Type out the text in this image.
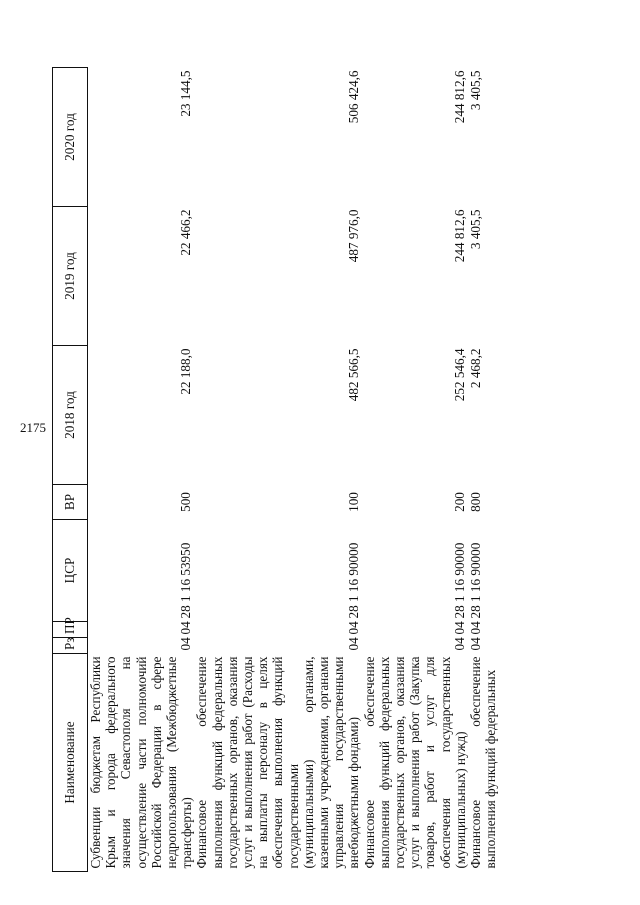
2175
Наименование	Рз	ПР	ЦСР	ВР	2018 год	2019 год	2020 год
Субвенции бюджетам Республики Крым и города федерального значения Севастополя на осуществление части полномочий Российской Федерации в сфере недропользования (Межбюджетные трансферты)	04	04	28 1 16 53950	500	22 188,0	22 466,2	23 144,5
Финансовое обеспечение выполнения функций федеральных государственных органов, оказания услуг и выполнения работ (Расходы на выплаты персоналу в целях обеспечения выполнения функций государственными (муниципальными) органами, казенными учреждениями, органами управления государственными внебюджетными фондами)	04	04	28 1 16 90000	100	482 566,5	487 976,0	506 424,6
Финансовое обеспечение выполнения функций федеральных государственных органов, оказания услуг и выполнения работ (Закупка товаров, работ и услуг для обеспечения государственных (муниципальных) нужд)	04	04	28 1 16 90000	200	252 546,4	244 812,6	244 812,6
Финансовое обеспечение выполнения функций федеральных	04	04	28 1 16 90000	800	2 468,2	3 405,5	3 405,5
